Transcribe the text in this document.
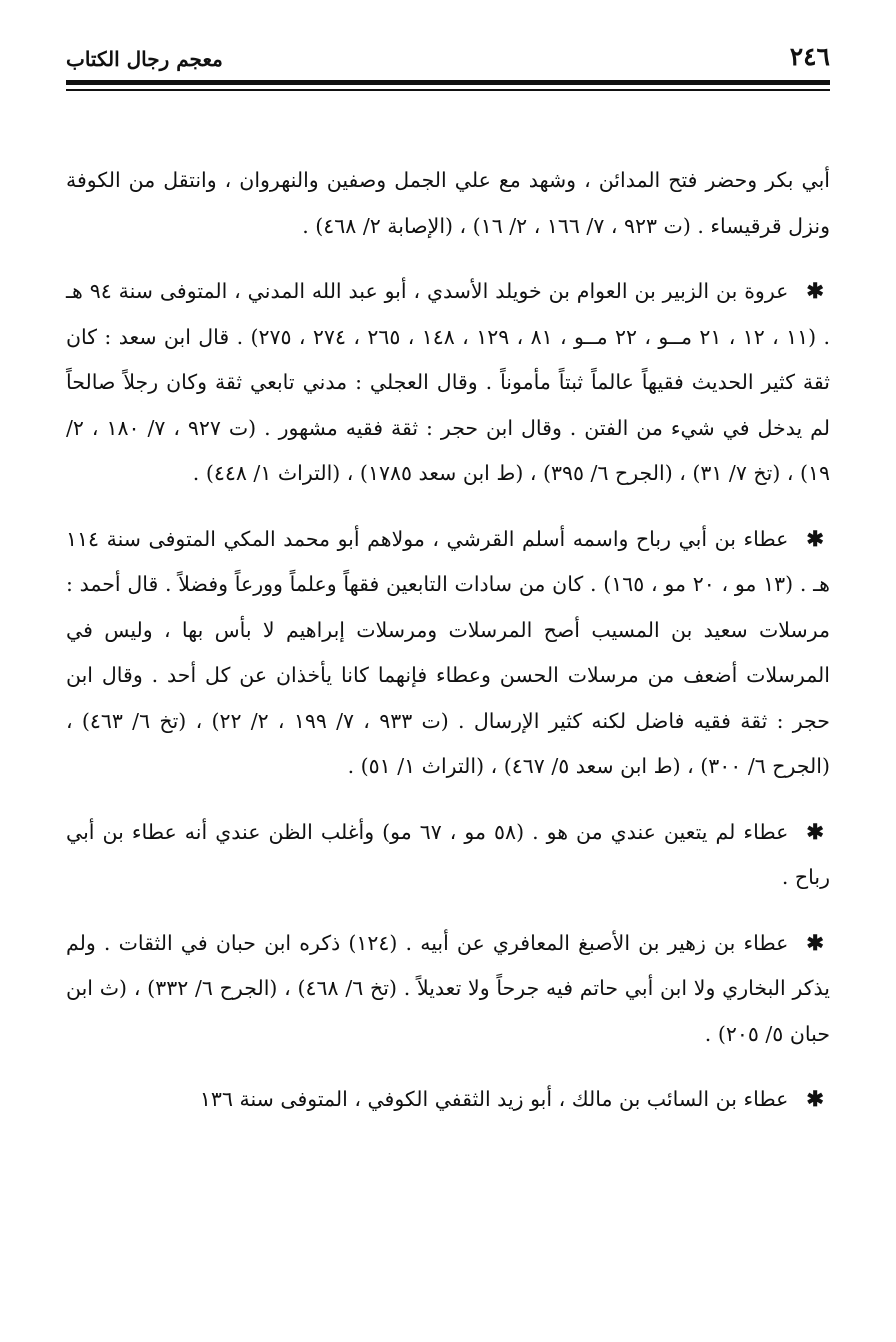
٢٤٦
معجم رجال الكتاب

أبي بكر وحضر فتح المدائن ، وشهد مع علي الجمل وصفين والنهروان ، وانتقل من الكوفة ونزل قرقيساء . (ت ٩٢٣ ، ٧/ ١٦٦ ، ٢/ ١٦) ، (الإصابة ٢/ ٤٦٨) .

✱عروة بن الزبير بن العوام بن خويلد الأسدي ، أبو عبد الله المدني ، المتوفى سنة ٩٤ هـ . (١١ ، ١٢ ، ٢١ مــو ، ٢٢ مــو ، ٨١ ، ١٢٩ ، ١٤٨ ، ٢٦٥ ، ٢٧٤ ، ٢٧٥) . قال ابن سعد : كان ثقة كثير الحديث فقيهاً عالماً ثبتاً مأموناً . وقال العجلي : مدني تابعي ثقة وكان رجلاً صالحاً لم يدخل في شيء من الفتن . وقال ابن حجر : ثقة فقيه مشهور . (ت ٩٢٧ ، ٧/ ١٨٠ ، ٢/ ١٩) ، (تخ ٧/ ٣١) ، (الجرح ٦/ ٣٩٥) ، (ط ابن سعد ١٧٨٥) ، (التراث ١/ ٤٤٨) .

✱عطاء بن أبي رباح واسمه أسلم القرشي ، مولاهم أبو محمد المكي المتوفى سنة ١١٤ هـ . (١٣ مو ، ٢٠ مو ، ١٦٥) . كان من سادات التابعين فقهاً وعلماً وورعاً وفضلاً . قال أحمد : مرسلات سعيد بن المسيب أصح المرسلات ومرسلات إبراهيم لا بأس بها ، وليس في المرسلات أضعف من مرسلات الحسن وعطاء فإنهما كانا يأخذان عن كل أحد . وقال ابن حجر : ثقة فقيه فاضل لكنه كثير الإرسال . (ت ٩٣٣ ، ٧/ ١٩٩ ، ٢/ ٢٢) ، (تخ ٦/ ٤٦٣) ، (الجرح ٦/ ٣٠٠) ، (ط ابن سعد ٥/ ٤٦٧) ، (التراث ١/ ٥١) .

✱عطاء لم يتعين عندي من هو . (٥٨ مو ، ٦٧ مو) وأغلب الظن عندي أنه عطاء بن أبي رباح .

✱عطاء بن زهير بن الأصبغ المعافري عن أبيه . (١٢٤) ذكره ابن حبان في الثقات . ولم يذكر البخاري ولا ابن أبي حاتم فيه جرحاً ولا تعديلاً . (تخ ٦/ ٤٦٨) ، (الجرح ٦/ ٣٣٢) ، (ث ابن حبان ٥/ ٢٠٥) .

✱عطاء بن السائب بن مالك ، أبو زيد الثقفي الكوفي ، المتوفى سنة ١٣٦
